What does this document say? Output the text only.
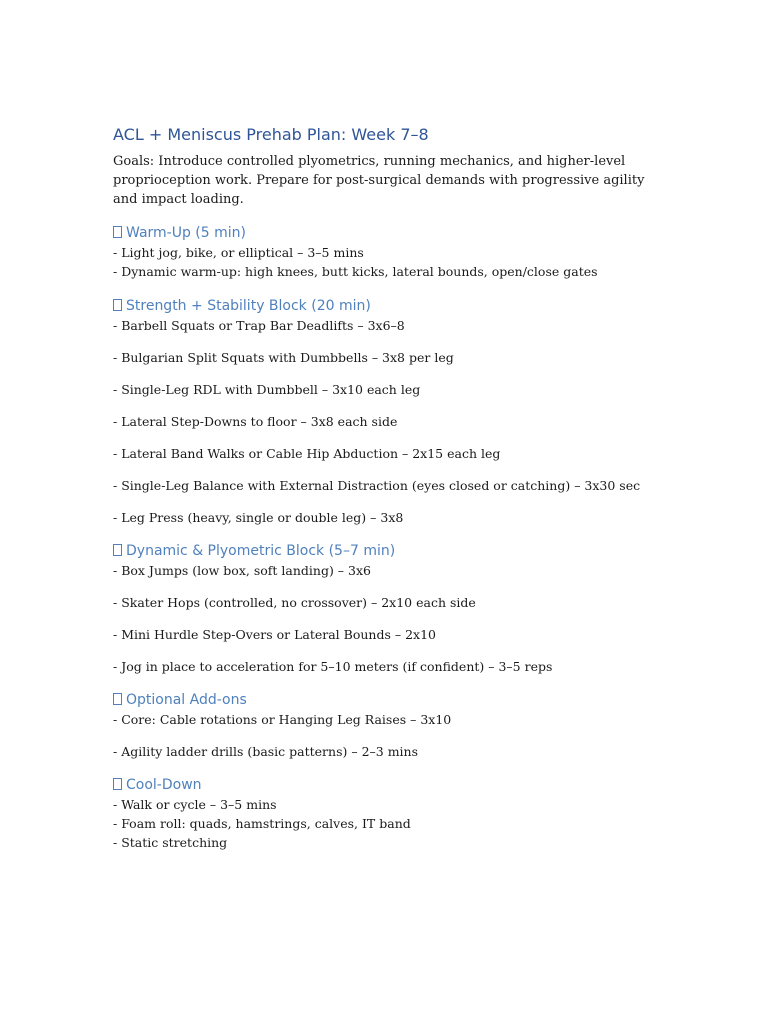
ACL + Meniscus Prehab Plan: Week 7–8

Goals: Introduce controlled plyometrics, running mechanics, and higher-level proprioception work. Prepare for post-surgical demands with progressive agility and impact loading.

Warm-Up (5 min)
- Light jog, bike, or elliptical – 3–5 mins
- Dynamic warm-up: high knees, butt kicks, lateral bounds, open/close gates
Strength + Stability Block (20 min)
- Barbell Squats or Trap Bar Deadlifts – 3x6–8
- Bulgarian Split Squats with Dumbbells – 3x8 per leg
- Single-Leg RDL with Dumbbell – 3x10 each leg
- Lateral Step-Downs to floor – 3x8 each side
- Lateral Band Walks or Cable Hip Abduction – 2x15 each leg
- Single-Leg Balance with External Distraction (eyes closed or catching) – 3x30 sec
- Leg Press (heavy, single or double leg) – 3x8
Dynamic & Plyometric Block (5–7 min)
- Box Jumps (low box, soft landing) – 3x6
- Skater Hops (controlled, no crossover) – 2x10 each side
- Mini Hurdle Step-Overs or Lateral Bounds – 2x10
- Jog in place to acceleration for 5–10 meters (if confident) – 3–5 reps
Optional Add-ons
- Core: Cable rotations or Hanging Leg Raises – 3x10
- Agility ladder drills (basic patterns) – 2–3 mins
Cool-Down
- Walk or cycle – 3–5 mins
- Foam roll: quads, hamstrings, calves, IT band
- Static stretching
